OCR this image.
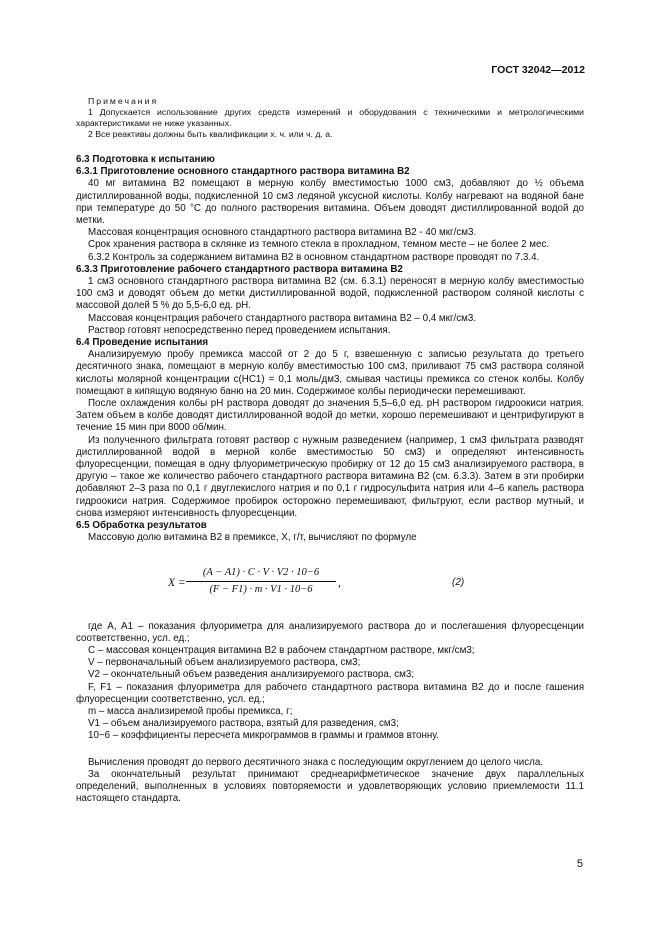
ГОСТ 32042—2012

Примечания

1 Допускается использование других средств измерений и оборудования с техническими и метрологическими характеристиками не ниже указанных.

2 Все реактивы должны быть квалификации х. ч. или ч. д. а.

6.3 Подготовка к испытанию

6.3.1 Приготовление основного стандартного раствора витамина B2

40 мг витамина B2 помещают в мерную колбу вместимостью 1000 см3, добавляют до ½ объема дистиллированной воды, подкисленной 10 см3 ледяной уксусной кислоты. Колбу нагревают на водяной бане при температуре до 50 °С до полного растворения витамина. Объем доводят дистиллированной водой до метки.

Массовая концентрация основного стандартного раствора витамина B2 - 40 мкг/см3.

Срок хранения раствора в склянке из темного стекла в прохладном, темном месте – не более 2 мес.

6.3.2 Контроль за содержанием витамина B2 в основном стандартном растворе проводят по 7.3.4.

6.3.3 Приготовление рабочего стандартного раствора витамина B2

1 см3 основного стандартного раствора витамина B2 (см. 6.3.1) переносят в мерную колбу вместимостью 100 см3 и доводят объем до метки дистиллированной водой, подкисленной раствором соляной кислоты с массовой долей 5 % до 5,5-6,0 ед. pH.

Массовая концентрация рабочего стандартного раствора витамина B2 – 0,4 мкг/см3.

Раствор готовят непосредственно перед проведением испытания.

6.4 Проведение испытания

Анализируемую пробу премикса массой от 2 до 5 г, взвешенную с записью результата до третьего десятичного знака, помещают в мерную колбу вместимостью 100 см3, приливают 75 см3 раствора соляной кислоты молярной концентрации c(HC1) = 0,1 моль/дм3, смывая частицы премикса со стенок колбы. Колбу помещают в кипящую водяную баню на 20 мин. Содержимое колбы периодически перемешивают.

После охлаждения колбы pH раствора доводят до значения 5,5–6,0 ед. pH раствором гидроокиси натрия. Затем объем в колбе доводят дистиллированной водой до метки, хорошо перемешивают и центрифугируют в течение 15 мин при 8000 об/мин.

Из полученного фильтрата готовят раствор с нужным разведением (например, 1 см3 фильтрата разводят дистиллированной водой в мерной колбе вместимостью 50 см3) и определяют интенсивность флуоресценции, помещая в одну флуориметрическую пробирку от 12 до 15 см3 анализируемого раствора, в другую – такое же количество рабочего стандартного раствора витамина B2 (см. 6.3.3). Затем в эти пробирки добавляют 2–3 раза по 0,1 г двуглекислого натрия и по 0,1 г гидросульфита натрия или 4–6 капель раствора гидроокиси натрия. Содержимое пробирок осторожно перемешивают, фильтруют, если раствор мутный, и снова измеряют интенсивность флуоресценции.

6.5 Обработка результатов

Массовую долю витамина B2 в премиксе, X, г/т, вычисляют по формуле

$X = \frac{(A - A1) \cdot C \cdot V \cdot V2 \cdot 10-6}{(F - F1) \cdot m \cdot V1 \cdot 10-6}$ ,	(2)

где A, A1 – показания флуориметра для анализируемого раствора до и послегашения флуоресценции соответственно, усл. ед.;

C – массовая концентрация витамина B2 в рабочем стандартном растворе, мкг/см3;

V – первоначальный объем анализируемого раствора, см3;

V2 – окончательный объем разведения анализируемого раствора, см3;

F, F1 – показания флуориметра для рабочего стандартного раствора витамина B2 до и после гашения флуоресценции соответственно, усл. ед.;

m – масса анализиремой пробы премикса, г;

V1 – объем анализируемого раствора, взятый для разведения, см3;

10−6 – коэффициенты пересчета микрограммов в граммы и граммов втонну.

Вычисления проводят до первого десятичного знака с последующим округлением до целого числа.

За окончательный результат принимают среднеарифметическое значение двух параллельных определений, выполненных в условиях повторяемости и удовлетворяющих условию приемлемости 11.1 настоящего стандарта.

5
